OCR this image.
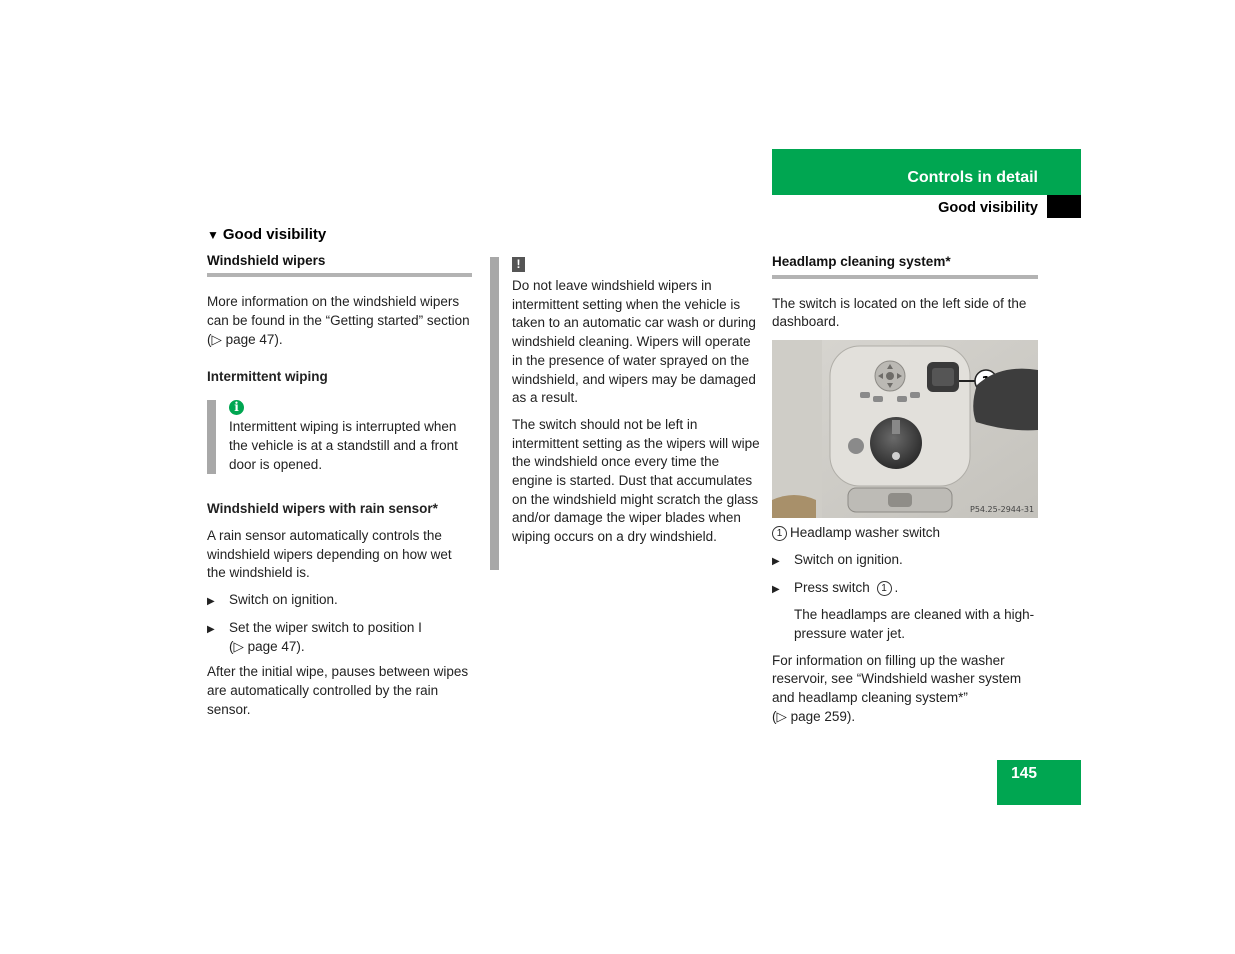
Controls in detail
Good visibility
▼ Good visibility
Windshield wipers

More information on the windshield wipers can be found in the “Getting started” section (▷ page 47).

Intermittent wiping

i
Intermittent wiping is interrupted when the vehicle is at a standstill and a front door is opened.

Windshield wipers with rain sensor*

A rain sensor automatically controls the windshield wipers depending on how wet the windshield is.

▶	Switch on ignition.
▶	Set the wiper switch to position I
(▷ page 47).

After the initial wipe, pauses between wipes are automatically controlled by the rain sensor.

!

Do not leave windshield wipers in intermittent setting when the vehicle is taken to an automatic car wash or during windshield cleaning. Wipers will operate in the presence of water sprayed on the windshield, and wipers may be damaged as a result.

The switch should not be left in intermittent setting as the wipers will wipe the windshield once every time the engine is started. Dust that accumulates on the windshield might scratch the glass and/or damage the wiper blades when wiping occurs on a dry windshield.

Headlamp cleaning system*

The switch is located on the left side of the dashboard.

P54.25-2944-31

1 Headlamp washer switch

▶	Switch on ignition.
▶	Press switch 1 .

The headlamps are cleaned with a high-pressure water jet.

For information on filling up the washer reservoir, see “Windshield washer system and headlamp cleaning system*”

(▷ page 259).

145
